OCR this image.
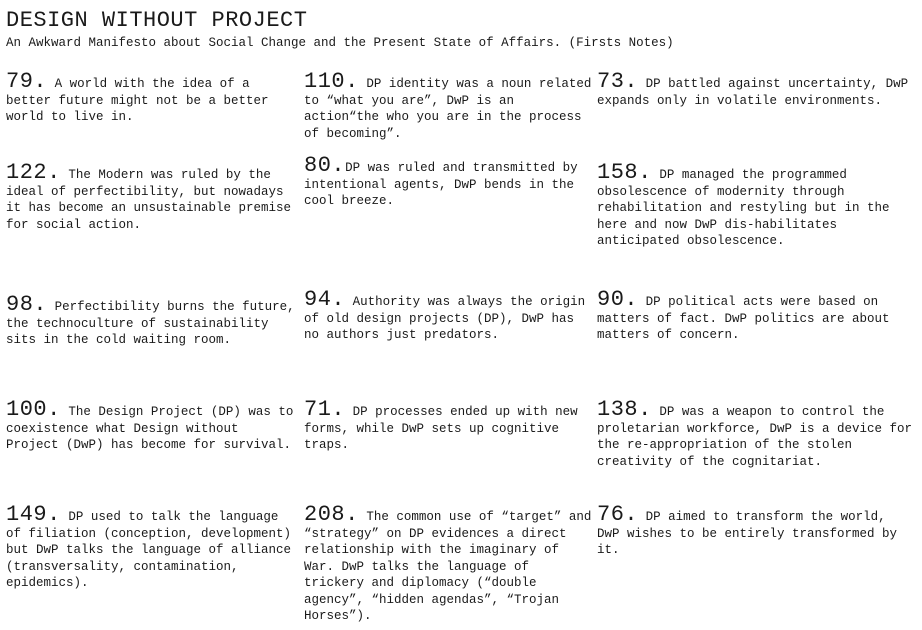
DESIGN WITHOUT PROJECT
An Awkward Manifesto about Social Change and the Present State of Affairs. (Firsts Notes)
79. A world with the idea of a better future might not be a better world to live in.
110. DP identity was a noun related to “what you are”, DwP is an action“the who you are in the process of becoming”.
73. DP battled against uncertainty, DwP expands only in volatile environments.
122. The Modern was ruled by the ideal of perfectibility, but nowadays it has become an unsustainable premise for social action.
80.DP was ruled and transmitted by intentional agents, DwP bends in the cool breeze.
158. DP managed the programmed obsolescence of modernity through rehabilitation and restyling but in the here and now DwP dis-habilitates anticipated obsolescence.
98. Perfectibility burns the future, the technoculture of sustainability sits in the cold waiting room.
94. Authority was always the origin of old design projects (DP), DwP has no authors just predators.
90. DP political acts were based on matters of fact. DwP politics are about matters of concern.
100. The Design Project (DP) was to coexistence what Design without Project (DwP) has become for survival.
71. DP processes ended up with new forms, while DwP sets up cognitive traps.
138. DP was a weapon to control the proletarian workforce, DwP is a device for the re-appropriation of the stolen creativity of the cognitariat.
149. DP used to talk the language of filiation (conception, development) but DwP talks the language of alliance (transversality, contamination, epidemics).
208. The common use of “target” and “strategy” on DP evidences a direct relationship with the imaginary of War. DwP talks the language of trickery and diplomacy (“double agency”, “hidden agendas”, “Trojan Horses”).
76. DP aimed to transform the world, DwP wishes to be entirely transformed by it.
